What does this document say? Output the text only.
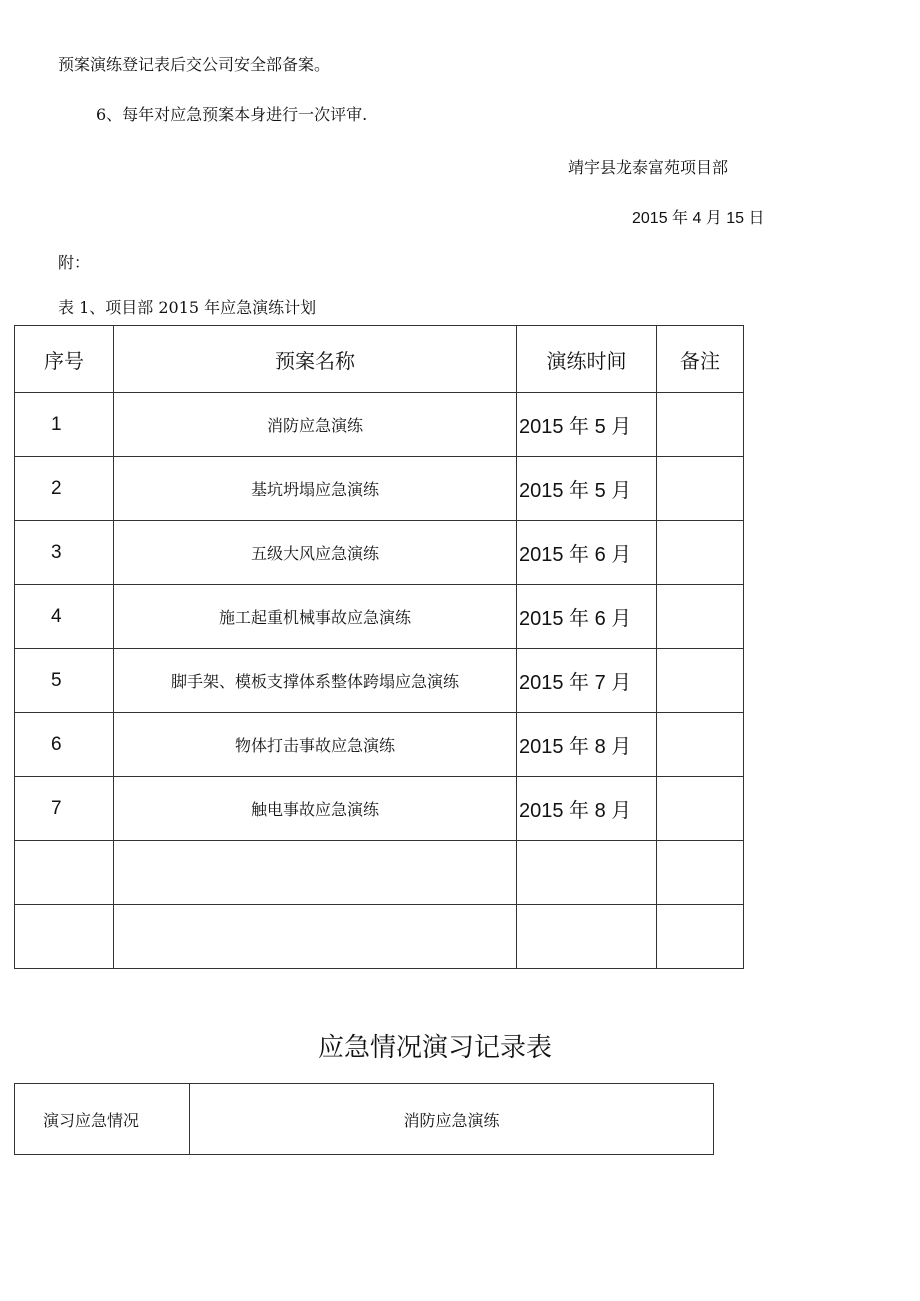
预案演练登记表后交公司安全部备案。
6、每年对应急预案本身进行一次评审.
靖宇县龙泰富苑项目部
2015 年 4 月 15 日
附：
表 1、项目部 2015 年应急演练计划
序号	预案名称	演练时间	备注
1	消防应急演练	2015 年 5 月	
2	基坑坍塌应急演练	2015 年 5 月	
3	五级大风应急演练	2015 年 6 月	
4	施工起重机械事故应急演练	2015 年 6 月	
5	脚手架、模板支撑体系整体跨塌应急演练	2015 年 7 月	
6	物体打击事故应急演练	2015 年 8 月	
7	触电事故应急演练	2015 年 8 月	

应急情况演习记录表
演习应急情况	消防应急演练
